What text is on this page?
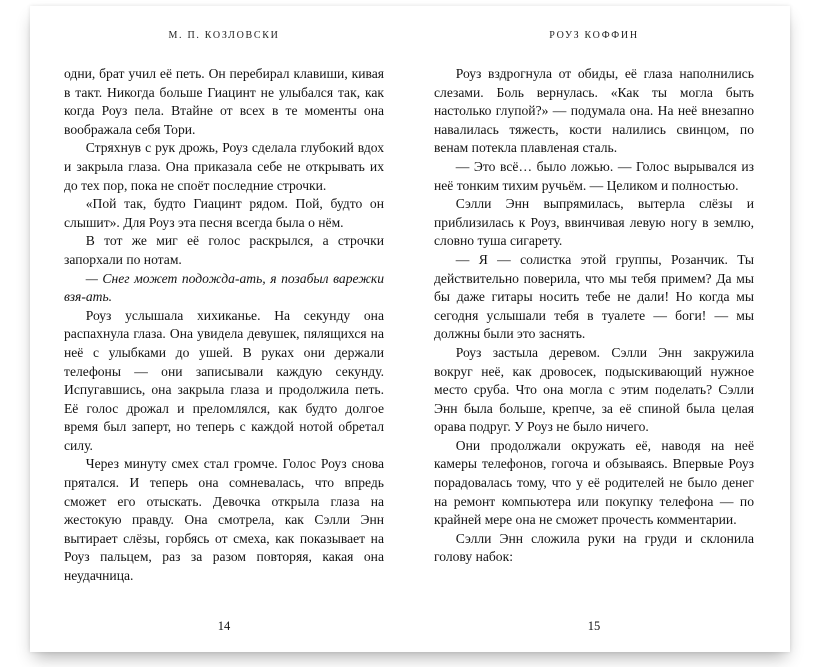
М. П. КОЗЛОВСКИ

одни, брат учил её петь. Он перебирал клавиши, кивая в такт. Никогда больше Гиацинт не улыбался так, как когда Роуз пела. Втайне от всех в те моменты она воображала себя Тори.

Стряхнув с рук дрожь, Роуз сделала глубокий вдох и закрыла глаза. Она приказала себе не открывать их до тех пор, пока не споёт последние строчки.

«Пой так, будто Гиацинт рядом. Пой, будто он слышит». Для Роуз эта песня всегда была о нём.

В тот же миг её голос раскрылся, а строчки запорхали по нотам.

— Снег может подожда-ать, я позабыл варежки взя-ать.

Роуз услышала хихиканье. На секунду она распахнула глаза. Она увидела девушек, пялящихся на неё с улыбками до ушей. В руках они держали телефоны — они записывали каждую секунду. Испугавшись, она закрыла глаза и продолжила петь. Её голос дрожал и преломлялся, как будто долгое время был заперт, но теперь с каждой нотой обретал силу.

Через минуту смех стал громче. Голос Роуз снова прятался. И теперь она сомневалась, что впредь сможет его отыскать. Девочка открыла глаза на жестокую правду. Она смотрела, как Сэлли Энн вытирает слёзы, горбясь от смеха, как показывает на Роуз пальцем, раз за разом повторяя, какая она неудачница.

14
РОУЗ КОФФИН

Роуз вздрогнула от обиды, её глаза наполнились слезами. Боль вернулась. «Как ты могла быть настолько глупой?» — подумала она. На неё внезапно навалилась тяжесть, кости налились свинцом, по венам потекла плавленая сталь.

— Это всё… было ложью. — Голос вырывался из неё тонким тихим ручьём. — Целиком и полностью.

Сэлли Энн выпрямилась, вытерла слёзы и приблизилась к Роуз, ввинчивая левую ногу в землю, словно туша сигарету.

— Я — солистка этой группы, Розанчик. Ты действительно поверила, что мы тебя примем? Да мы бы даже гитары носить тебе не дали! Но когда мы сегодня услышали тебя в туалете — боги! — мы должны были это заснять.

Роуз застыла деревом. Сэлли Энн закружила вокруг неё, как дровосек, подыскивающий нужное место сруба. Что она могла с этим поделать? Сэлли Энн была больше, крепче, за её спиной была целая орава подруг. У Роуз не было ничего.

Они продолжали окружать её, наводя на неё камеры телефонов, гогоча и обзываясь. Впервые Роуз порадовалась тому, что у её родителей не было денег на ремонт компьютера или покупку телефона — по крайней мере она не сможет прочесть комментарии.

Сэлли Энн сложила руки на груди и склонила голову набок:

15
